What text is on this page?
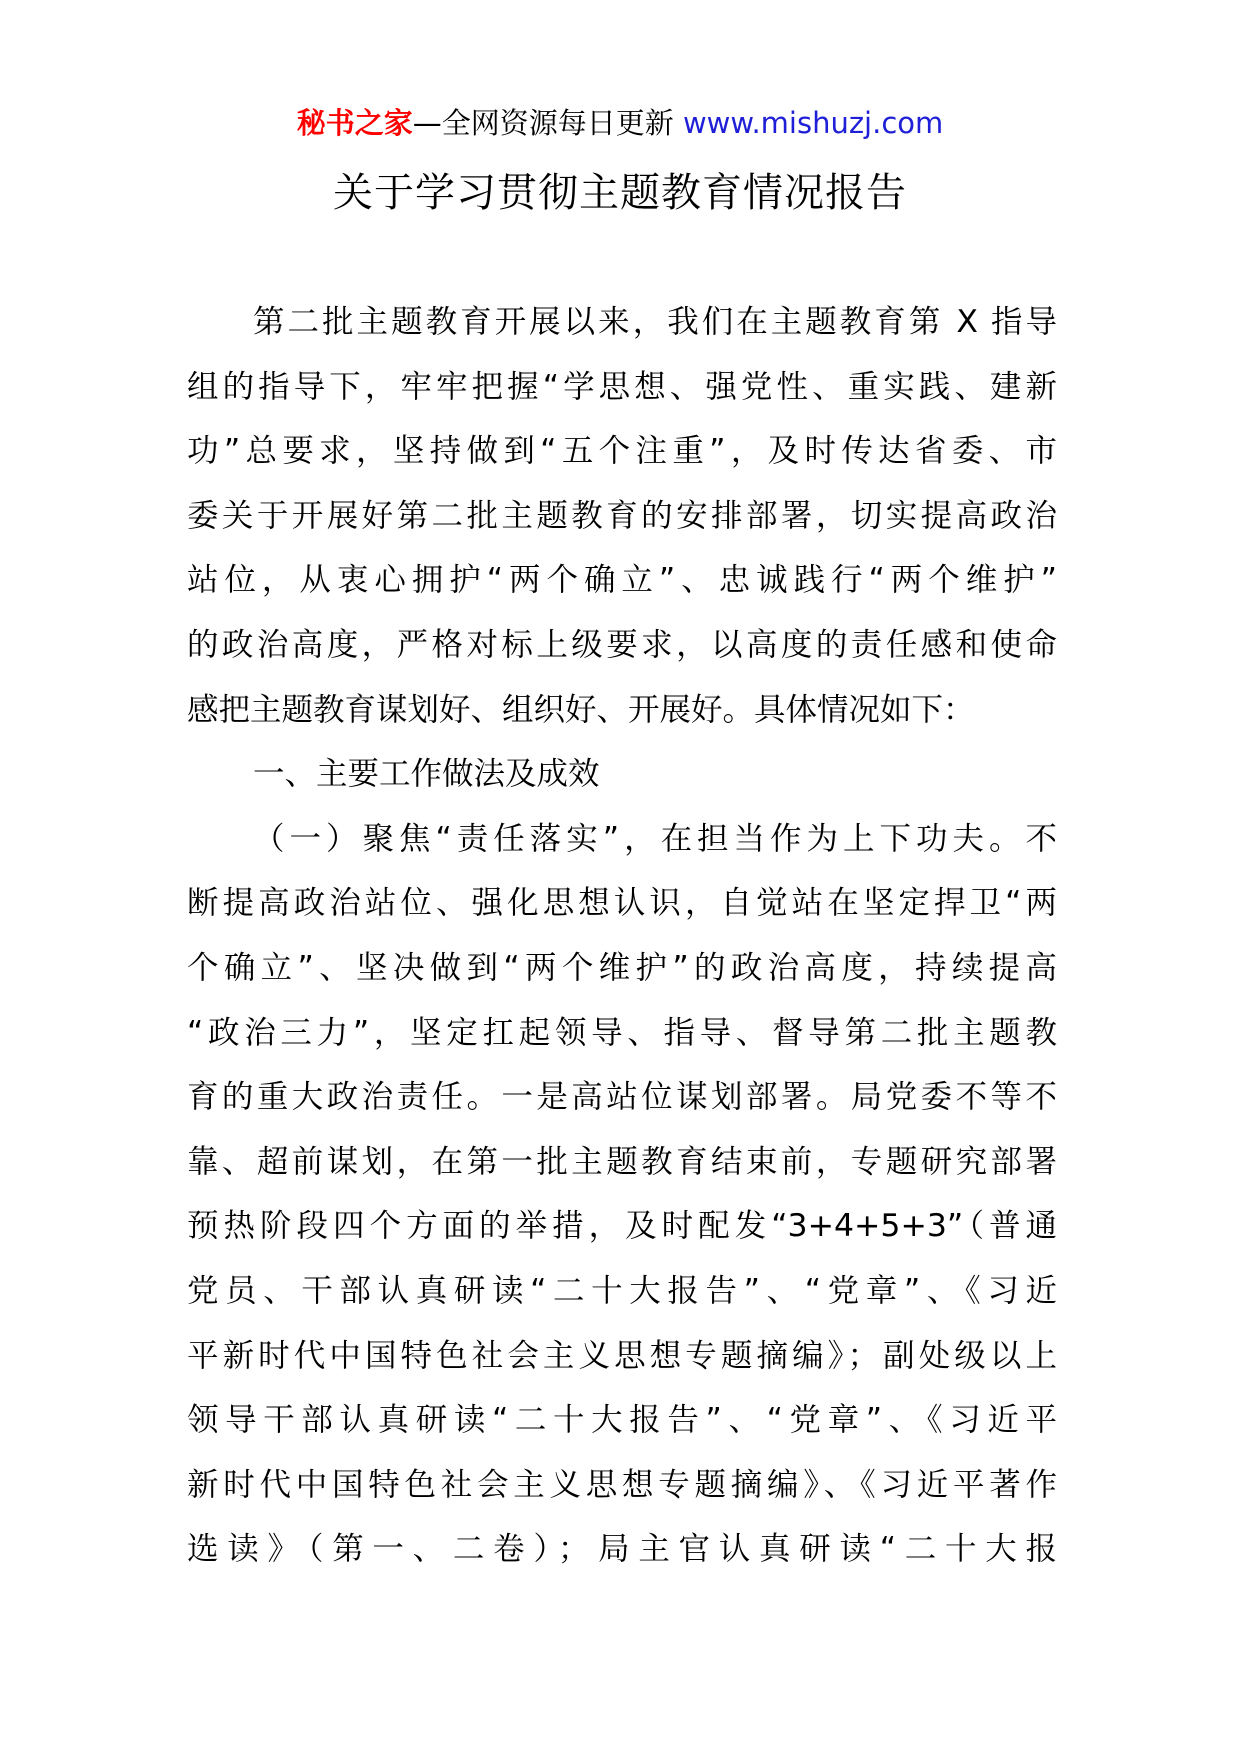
秘书之家—全网资源每日更新 www.mishuzj.com
关于学习贯彻主题教育情况报告
第二批主题教育开展以来，我们在主题教育第 X 指导
组的指导下，牢牢把握“学思想、强党性、重实践、建新
功”总要求，坚持做到“五个注重”，及时传达省委、市
委关于开展好第二批主题教育的安排部署，切实提高政治
站位，从衷心拥护“两个确立”、忠诚践行“两个维护”
的政治高度，严格对标上级要求，以高度的责任感和使命
感把主题教育谋划好、组织好、开展好。具体情况如下：
一、主要工作做法及成效
（一）聚焦“责任落实”，在担当作为上下功夫。不
断提高政治站位、强化思想认识，自觉站在坚定捍卫“两
个确立”、坚决做到“两个维护”的政治高度，持续提高
“政治三力”，坚定扛起领导、指导、督导第二批主题教
育的重大政治责任。一是高站位谋划部署。局党委不等不
靠、超前谋划，在第一批主题教育结束前，专题研究部署
预热阶段四个方面的举措，及时配发“3+4+5+3”（普通
党员、干部认真研读“二十大报告”、“党章”、《习近
平新时代中国特色社会主义思想专题摘编》；副处级以上
领导干部认真研读“二十大报告”、“党章”、《习近平
新时代中国特色社会主义思想专题摘编》、《习近平著作
选读》（第一、二卷）；局主官认真研读“二十大报
